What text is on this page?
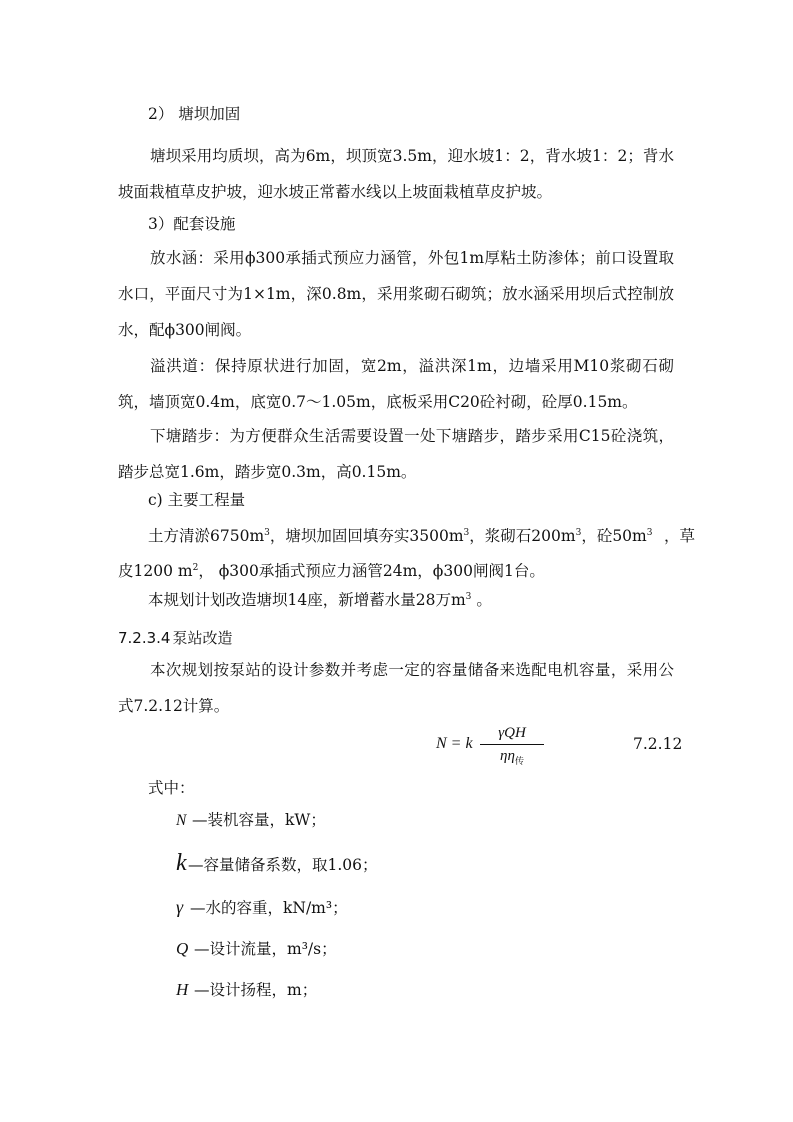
2） 塘坝加固

塘坝采用均质坝，高为6m，坝顶宽3.5m，迎水坡1：2，背水坡1：2；背水坡面栽植草皮护坡，迎水坡正常蓄水线以上坡面栽植草皮护坡。

3）配套设施

放水涵：采用ϕ300承插式预应力涵管，外包1m厚粘土防渗体；前口设置取水口，平面尺寸为1×1m，深0.8m，采用浆砌石砌筑；放水涵采用坝后式控制放水，配ϕ300闸阀。

溢洪道：保持原状进行加固，宽2m，溢洪深1m，边墙采用M10浆砌石砌筑，墙顶宽0.4m，底宽0.7～1.05m，底板采用C20砼衬砌，砼厚0.15m。

下塘踏步：为方便群众生活需要设置一处下塘踏步，踏步采用C15砼浇筑，踏步总宽1.6m，踏步宽0.3m，高0.15m。

c) 主要工程量
土方清淤$6750m^3$，塘坝加固回填夯实$3500m^3$，浆砌石$200m^3$，砼$50m^3$ ，草
皮1200 $m^2$， ϕ300承插式预应力涵管24m，ϕ300闸阀1台。
本规划计划改造塘坝14座，新增蓄水量28万$m^3$ 。
7.2.3.4 泵站改造

本次规划按泵站的设计参数并考虑一定的容量储备来选配电机容量，采用公式7.2.12计算。

N = k
γQH
$\eta\eta_传$
7.2.12
式中：
N —装机容量，kW；
k—容量储备系数，取1.06；
γ —水的容重，kN/m³；
Q —设计流量，m³/s；
H —设计扬程，m；
